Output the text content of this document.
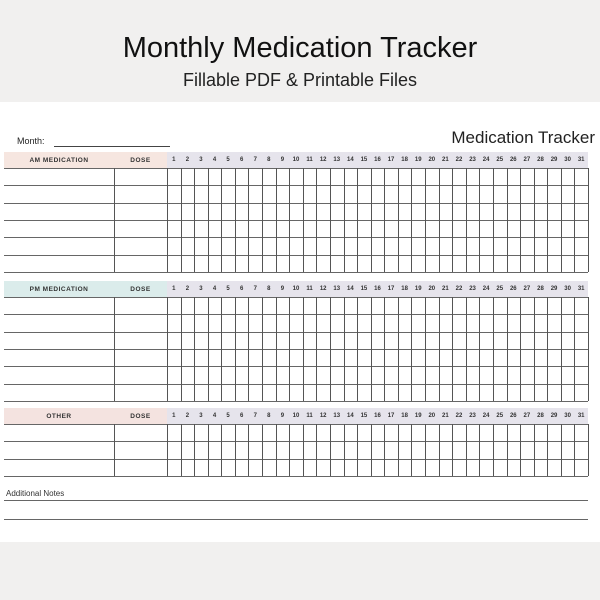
Monthly Medication Tracker
Fillable PDF & Printable Files
Month:	Medication Tracker
AM MEDICATION	DOSE	1	2	3	4	5	6	7	8	9	10	11	12	13	14	15	16	17	18	19	20	21	22	23	24	25	26	27	28	29	30	31
PM MEDICATION	DOSE	1	2	3	4	5	6	7	8	9	10	11	12	13	14	15	16	17	18	19	20	21	22	23	24	25	26	27	28	29	30	31
OTHER	DOSE	1	2	3	4	5	6	7	8	9	10	11	12	13	14	15	16	17	18	19	20	21	22	23	24	25	26	27	28	29	30	31
Additional Notes
